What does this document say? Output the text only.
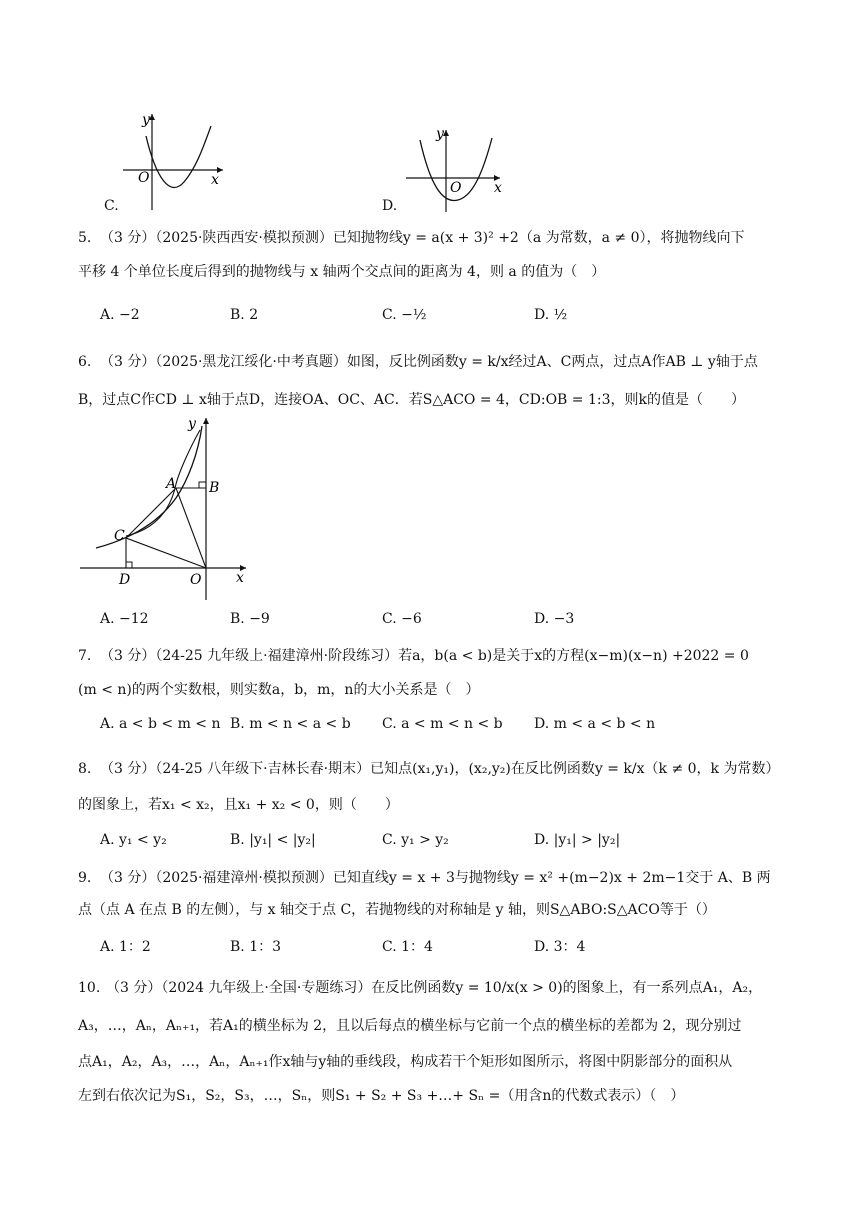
y
x
O
C.
y
x
O
D.
5. （3 分）（2025·陕西西安·模拟预测）已知抛物线y = a(x + 3)² +2（a 为常数，a ≠ 0），将抛物线向下
平移 4 个单位长度后得到的抛物线与 x 轴两个交点间的距离为 4，则 a 的值为（　）
A. −2	B. 2	C. −½	D. ½
6. （3 分）（2025·黑龙江绥化·中考真题）如图，反比例函数y = k/x经过A、C两点，过点A作AB ⊥ y轴于点
B，过点C作CD ⊥ x轴于点D，连接OA、OC、AC．若S△ACO = 4，CD:OB = 1:3，则k的值是（　　）
y
x
A B
C
D	O
A. −12	B. −9	C. −6	D. −3
7. （3 分）（24-25 九年级上·福建漳州·阶段练习）若a，b(a < b)是关于x的方程(x−m)(x−n) +2022 = 0
(m < n)的两个实数根，则实数a，b，m，n的大小关系是（　）
A. a < b < m < n B. m < n < a < b C. a < m < n < b D. m < a < b < n
8. （3 分）（24-25 八年级下·吉林长春·期末）已知点(x₁,y₁)，(x₂,y₂)在反比例函数y = k/x（k ≠ 0，k 为常数）
的图象上，若x₁ < x₂，且x₁ + x₂ < 0，则（　　）
A. y₁ < y₂	B. |y₁| < |y₂|	C. y₁ > y₂	D. |y₁| > |y₂|
9. （3 分）（2025·福建漳州·模拟预测）已知直线y = x + 3与抛物线y = x² +(m−2)x + 2m−1交于 A、B 两
点（点 A 在点 B 的左侧），与 x 轴交于点 C，若抛物线的对称轴是 y 轴，则S△ABO:S△ACO等于（）
A. 1：2	B. 1：3	C. 1：4	D. 3：4
10. （3 分）（2024 九年级上·全国·专题练习）在反比例函数y = 10/x(x > 0)的图象上，有一系列点A₁，A₂，
A₃，…，Aₙ，Aₙ₊₁，若A₁的横坐标为 2，且以后每点的横坐标与它前一个点的横坐标的差都为 2，现分别过
点A₁，A₂，A₃，…，Aₙ，Aₙ₊₁作x轴与y轴的垂线段，构成若干个矩形如图所示，将图中阴影部分的面积从
左到右依次记为S₁，S₂，S₃，…，Sₙ，则S₁ + S₂ + S₃ +…+ Sₙ =（用含n的代数式表示）（　）
